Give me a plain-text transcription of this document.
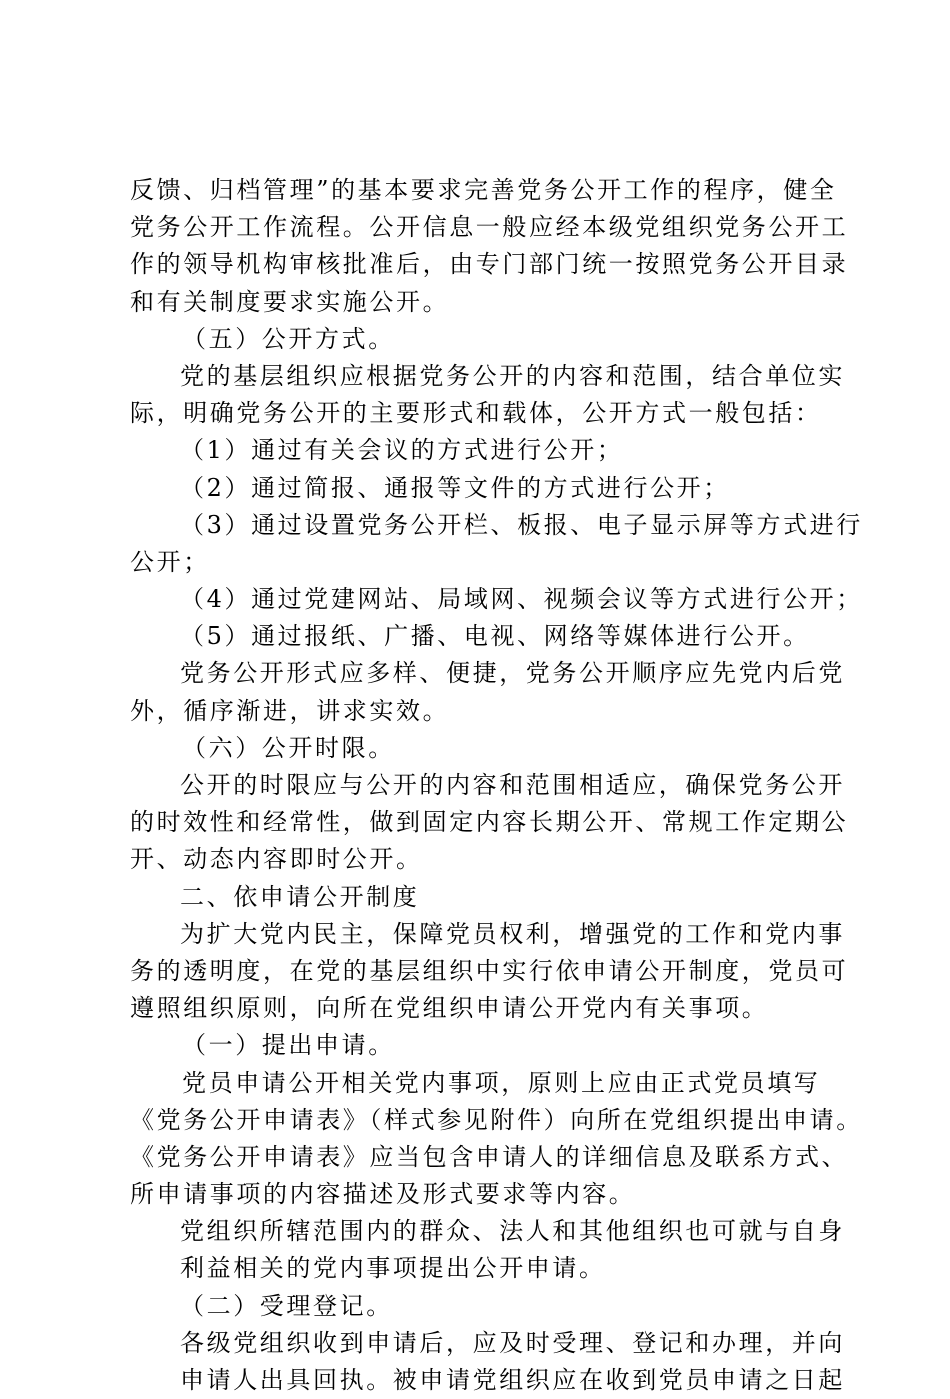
反馈、归档管理”的基本要求完善党务公开工作的程序，健全
党务公开工作流程。公开信息一般应经本级党组织党务公开工
作的领导机构审核批准后，由专门部门统一按照党务公开目录
和有关制度要求实施公开。
（五）公开方式。
党的基层组织应根据党务公开的内容和范围，结合单位实
际，明确党务公开的主要形式和载体，公开方式一般包括：
（1）通过有关会议的方式进行公开；
（2）通过简报、通报等文件的方式进行公开；
（3）通过设置党务公开栏、板报、电子显示屏等方式进行
公开；
（4）通过党建网站、局域网、视频会议等方式进行公开；
（5）通过报纸、广播、电视、网络等媒体进行公开。
党务公开形式应多样、便捷，党务公开顺序应先党内后党
外，循序渐进，讲求实效。
（六）公开时限。
公开的时限应与公开的内容和范围相适应，确保党务公开
的时效性和经常性，做到固定内容长期公开、常规工作定期公
开、动态内容即时公开。
二、依申请公开制度
为扩大党内民主，保障党员权利，增强党的工作和党内事
务的透明度，在党的基层组织中实行依申请公开制度，党员可
遵照组织原则，向所在党组织申请公开党内有关事项。
（一）提出申请。
党员申请公开相关党内事项，原则上应由正式党员填写
《党务公开申请表》（样式参见附件）向所在党组织提出申请。
《党务公开申请表》应当包含申请人的详细信息及联系方式、
所申请事项的内容描述及形式要求等内容。
党组织所辖范围内的群众、法人和其他组织也可就与自身
利益相关的党内事项提出公开申请。
（二）受理登记。
各级党组织收到申请后，应及时受理、登记和办理，并向
申请人出具回执。被申请党组织应在收到党员申请之日起
